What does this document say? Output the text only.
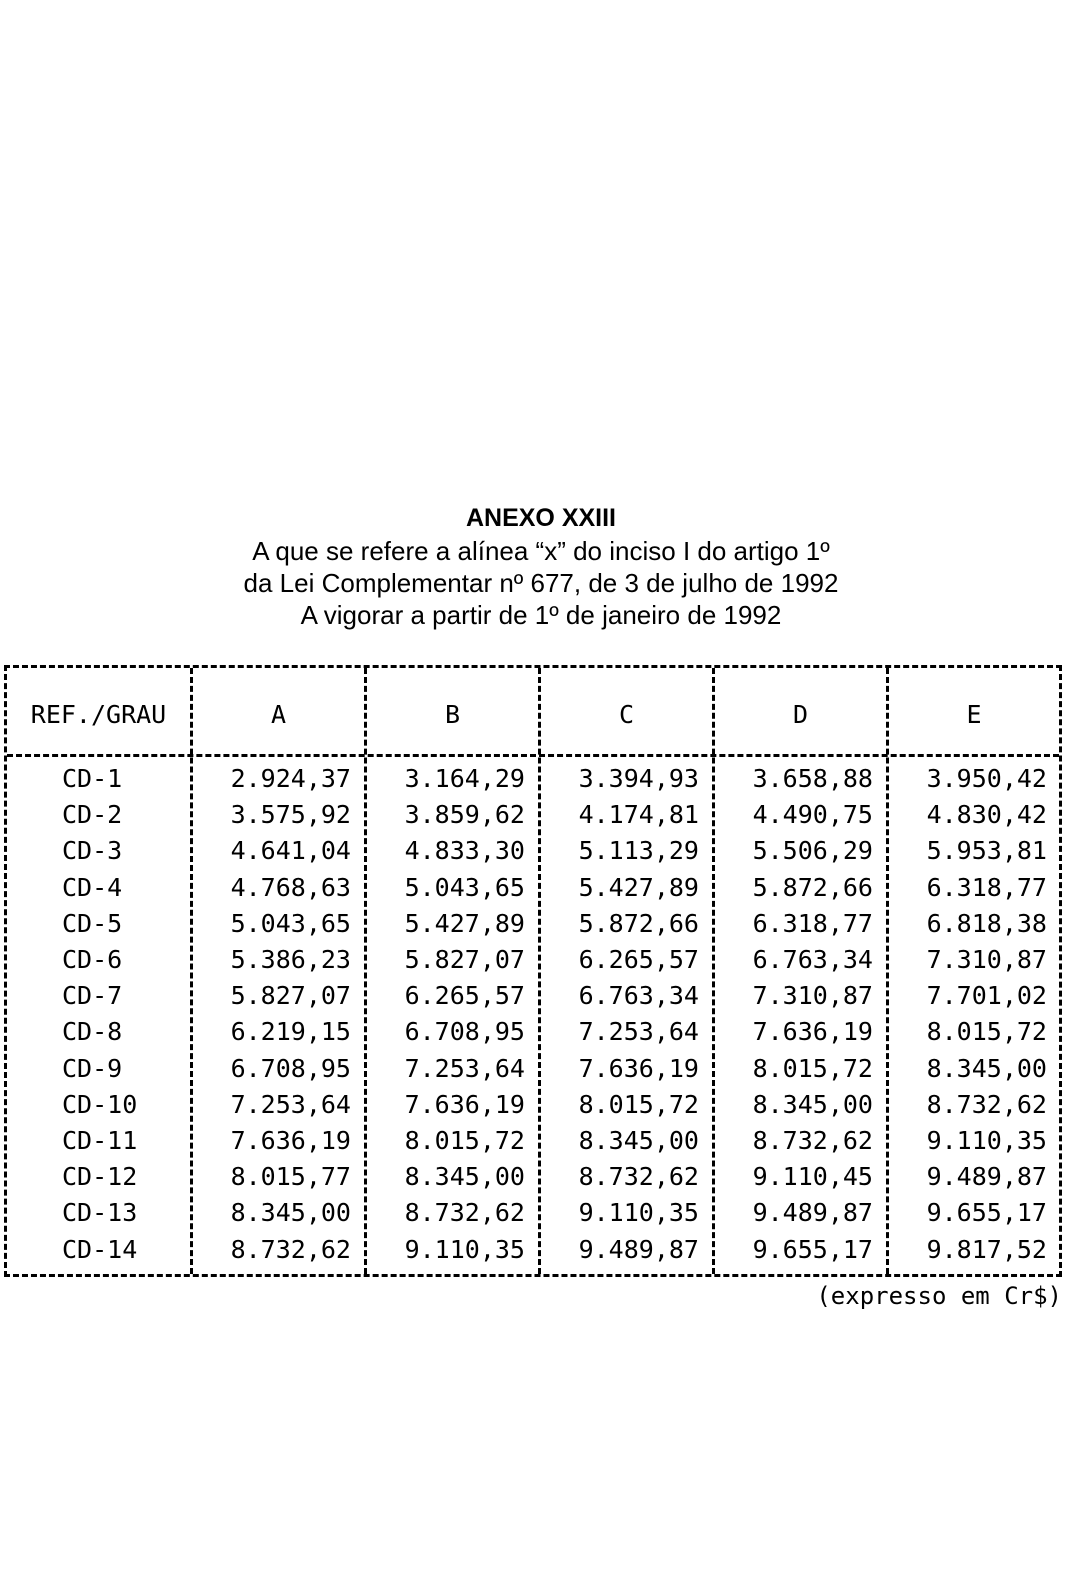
ANEXO XXIII
A que se refere a alínea “x” do inciso I do artigo 1º
da Lei Complementar nº 677, de 3 de julho de 1992
A vigorar a partir de 1º de janeiro de 1992
REF./GRAU	A	B	C	D	E
CD-1	2.924,37	3.164,29	3.394,93	3.658,88	3.950,42
CD-2	3.575,92	3.859,62	4.174,81	4.490,75	4.830,42
CD-3	4.641,04	4.833,30	5.113,29	5.506,29	5.953,81
CD-4	4.768,63	5.043,65	5.427,89	5.872,66	6.318,77
CD-5	5.043,65	5.427,89	5.872,66	6.318,77	6.818,38
CD-6	5.386,23	5.827,07	6.265,57	6.763,34	7.310,87
CD-7	5.827,07	6.265,57	6.763,34	7.310,87	7.701,02
CD-8	6.219,15	6.708,95	7.253,64	7.636,19	8.015,72
CD-9	6.708,95	7.253,64	7.636,19	8.015,72	8.345,00
CD-10	7.253,64	7.636,19	8.015,72	8.345,00	8.732,62
CD-11	7.636,19	8.015,72	8.345,00	8.732,62	9.110,35
CD-12	8.015,77	8.345,00	8.732,62	9.110,45	9.489,87
CD-13	8.345,00	8.732,62	9.110,35	9.489,87	9.655,17
CD-14	8.732,62	9.110,35	9.489,87	9.655,17	9.817,52
(expresso em Cr$)
